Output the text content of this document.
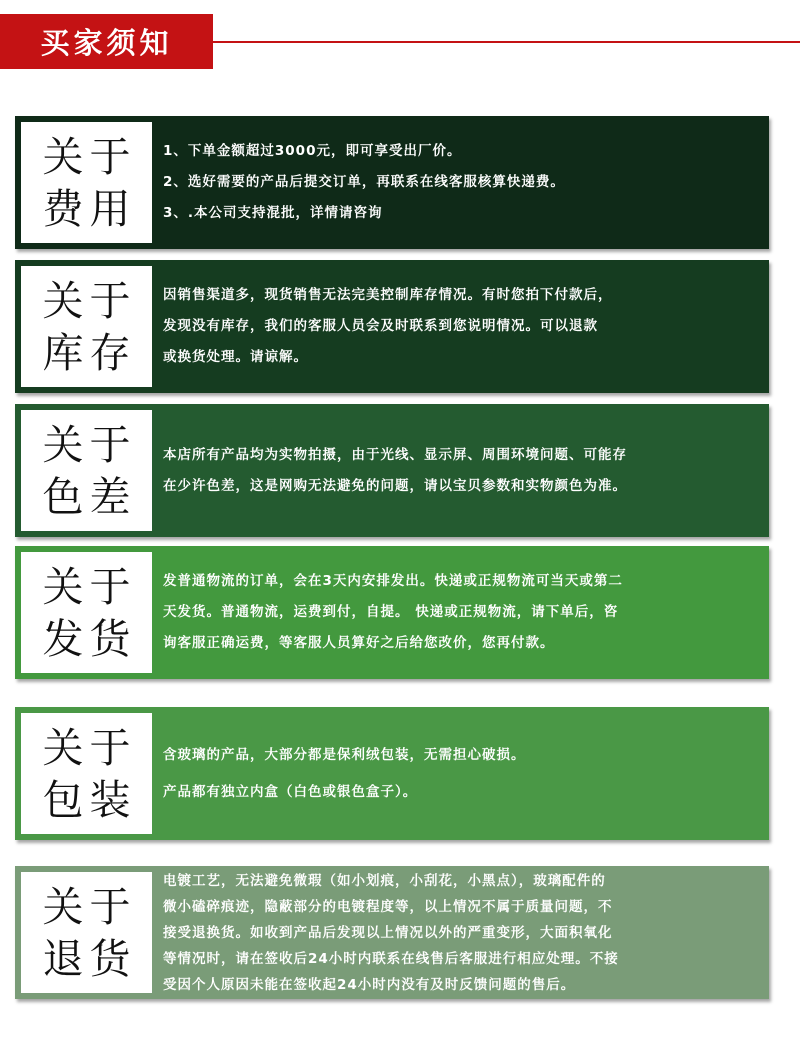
买家须知
关于
费用

1、下单金额超过3000元，即可享受出厂价。

2、选好需要的产品后提交订单，再联系在线客服核算快递费。

3、.本公司支持混批，详情请咨询

关于
库存

因销售渠道多，现货销售无法完美控制库存情况。有时您拍下付款后，

发现没有库存，我们的客服人员会及时联系到您说明情况。可以退款

或换货处理。请谅解。

关于
色差

本店所有产品均为实物拍摄，由于光线、显示屏、周围环境问题、可能存

在少许色差，这是网购无法避免的问题，请以宝贝参数和实物颜色为准。

关于
发货

发普通物流的订单，会在3天内安排发出。快递或正规物流可当天或第二

天发货。普通物流，运费到付，自提。 快递或正规物流，请下单后，咨

询客服正确运费，等客服人员算好之后给您改价，您再付款。

关于
包装

含玻璃的产品，大部分都是保利绒包装，无需担心破损。

产品都有独立内盒（白色或银色盒子）。

关于
退货

电镀工艺，无法避免微瑕（如小划痕，小刮花，小黑点），玻璃配件的

微小磕碎痕迹，隐蔽部分的电镀程度等，以上情况不属于质量问题，不

接受退换货。如收到产品后发现以上情况以外的严重变形，大面积氧化

等情况时，请在签收后24小时内联系在线售后客服进行相应处理。不接

受因个人原因未能在签收起24小时内没有及时反馈问题的售后。
